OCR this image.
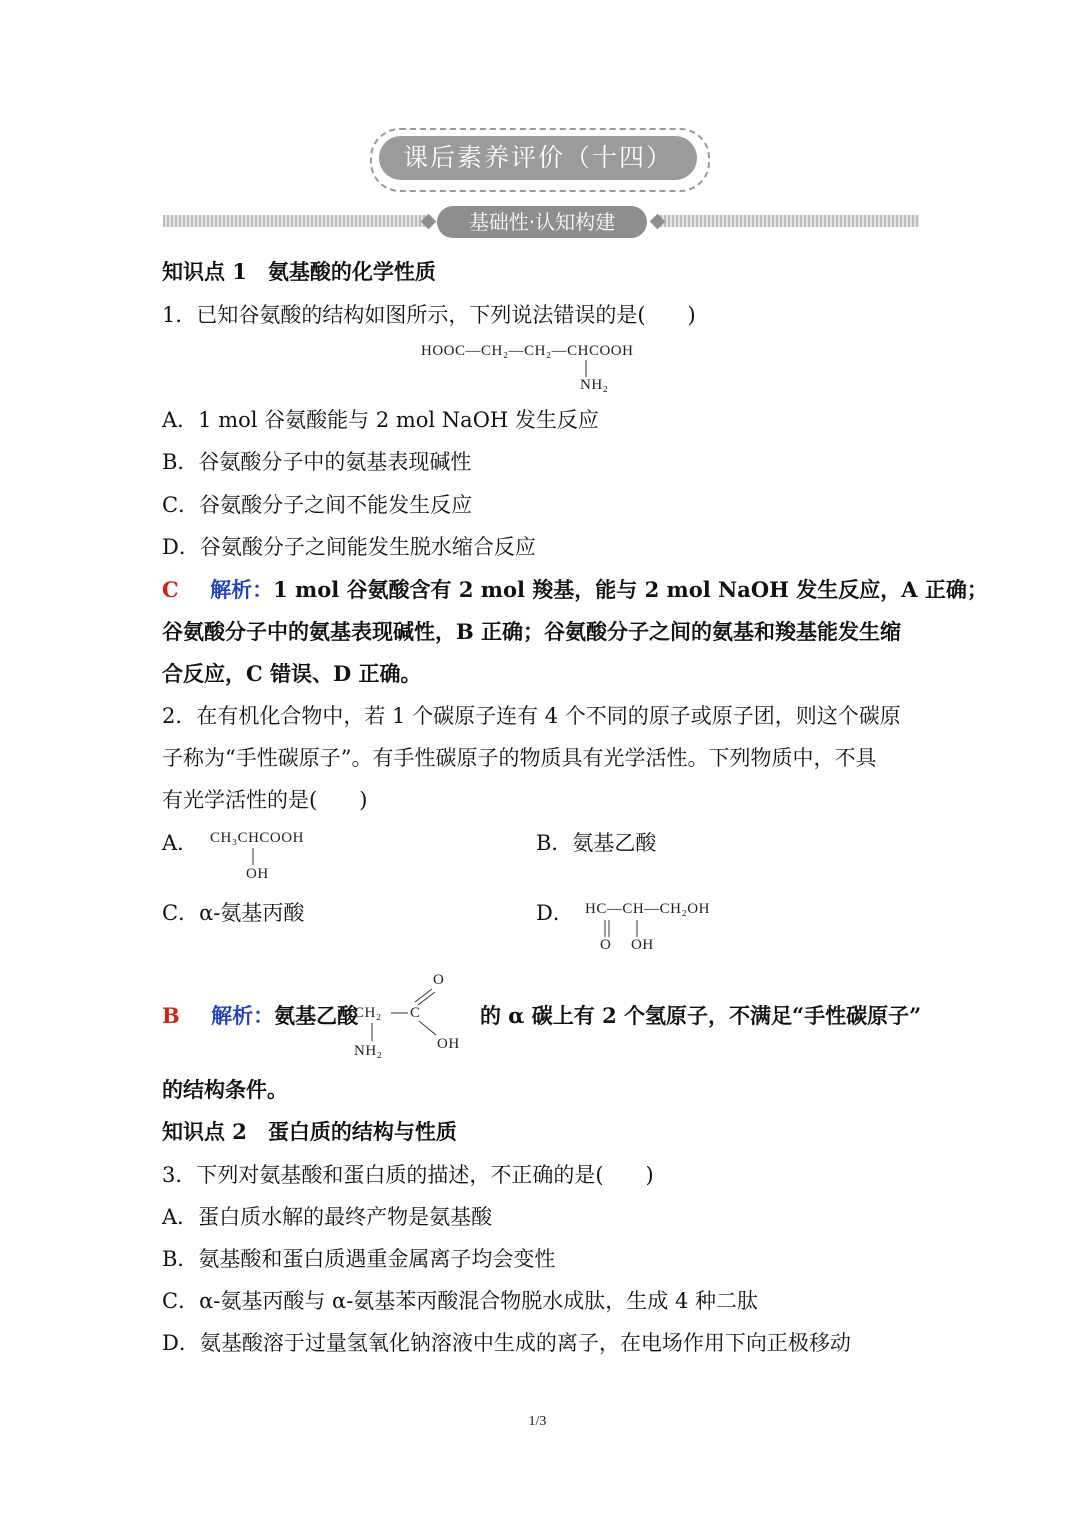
课后素养评价（十四）
基础性·认知构建
知识点 1　氨基酸的化学性质
1．已知谷氨酸的结构如图所示，下列说法错误的是(　　)
HOOC—CH₂—CH₂—CHCOOH
NH₂
A．1 mol 谷氨酸能与 2 mol NaOH 发生反应
B．谷氨酸分子中的氨基表现碱性
C．谷氨酸分子之间不能发生反应
D．谷氨酸分子之间能发生脱水缩合反应
C 解析：1 mol 谷氨酸含有 2 mol 羧基，能与 2 mol NaOH 发生反应，A 正确；
谷氨酸分子中的氨基表现碱性，B 正确；谷氨酸分子之间的氨基和羧基能发生缩
合反应，C 错误、D 正确。
2．在有机化合物中，若 1 个碳原子连有 4 个不同的原子或原子团，则这个碳原
子称为“手性碳原子”。有手性碳原子的物质具有光学活性。下列物质中，不具
有光学活性的是(　　)
A． CH₃CHCOOH
OH
B．氨基乙酸
C．α-氨基丙酸	D． HC—CH—CH₂OH
O OH
B 解析：氨基乙酸
O
CH₂ C
OH
NH₂
的 α 碳上有 2 个氢原子，不满足“手性碳原子”
的结构条件。
知识点 2　蛋白质的结构与性质
3．下列对氨基酸和蛋白质的描述，不正确的是(　　)
A．蛋白质水解的最终产物是氨基酸
B．氨基酸和蛋白质遇重金属离子均会变性
C．α-氨基丙酸与 α-氨基苯丙酸混合物脱水成肽，生成 4 种二肽
D．氨基酸溶于过量氢氧化钠溶液中生成的离子，在电场作用下向正极移动
1/3
